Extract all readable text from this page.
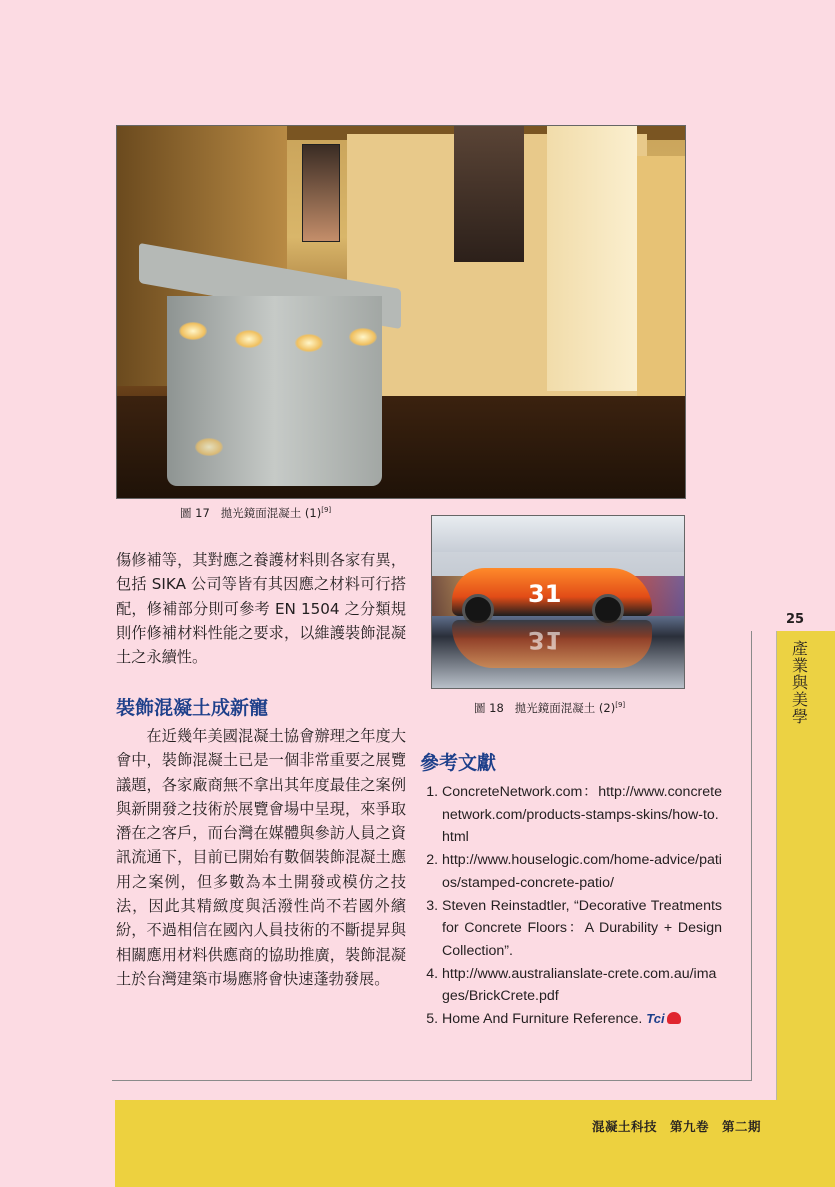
圖 17 拋光鏡面混凝土 (1)[9]
31
31
圖 18 拋光鏡面混凝土 (2)[9]
傷修補等，其對應之養護材料則各家有異，包括 SIKA 公司等皆有其因應之材料可行搭配，修補部分則可參考 EN 1504 之分類規則作修補材料性能之要求，以維護裝飾混凝土之永續性。
裝飾混凝土成新寵
在近幾年美國混凝土協會辦理之年度大會中，裝飾混凝土已是一個非常重要之展覽議題，各家廠商無不拿出其年度最佳之案例與新開發之技術於展覽會場中呈現，來爭取潛在之客戶，而台灣在媒體與參訪人員之資訊流通下，目前已開始有數個裝飾混凝土應用之案例，但多數為本土開發或模仿之技法，因此其精緻度與活潑性尚不若國外繽紛，不過相信在國內人員技術的不斷提昇與相關應用材料供應商的協助推廣，裝飾混凝土於台灣建築市場應將會快速蓬勃發展。
參考文獻
1. ConcreteNetwork.com：http://www.concretenetwork.com/products-stamps-skins/how-to.html
2. http://www.houselogic.com/home-advice/patios/stamped-concrete-patio/
3. Steven Reinstadtler, “Decorative Treatments for Concrete Floors：A Durability + Design Collection”.
4. http://www.australianslate-crete.com.au/images/BrickCrete.pdf
5. Home And Furniture Reference. Tci
25
產業與美學
混凝土科技　第九卷　第二期
